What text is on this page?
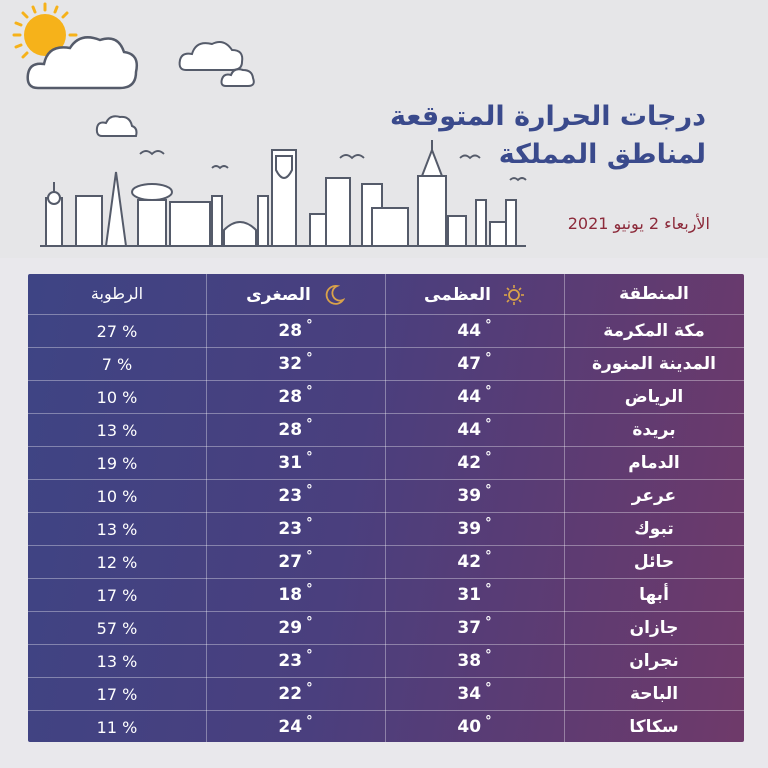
درجات الحرارة المتوقعة
لمناطق المملكة
الأربعاء 2 يونيو 2021
المنطقة
العظمى
الصغرى
الرطوبة
مكة المكرمة
44 °
28 °
27 %
المدينة المنورة
47 °
32 °
7 %
الرياض
44 °
28 °
10 %
بريدة
44 °
28 °
13 %
الدمام
42 °
31 °
19 %
عرعر
39 °
23 °
10 %
تبوك
39 °
23 °
13 %
حائل
42 °
27 °
12 %
أبها
31 °
18 °
17 %
جازان
37 °
29 °
57 %
نجران
38 °
23 °
13 %
الباحة
34 °
22 °
17 %
سكاكا
40 °
24 °
11 %
